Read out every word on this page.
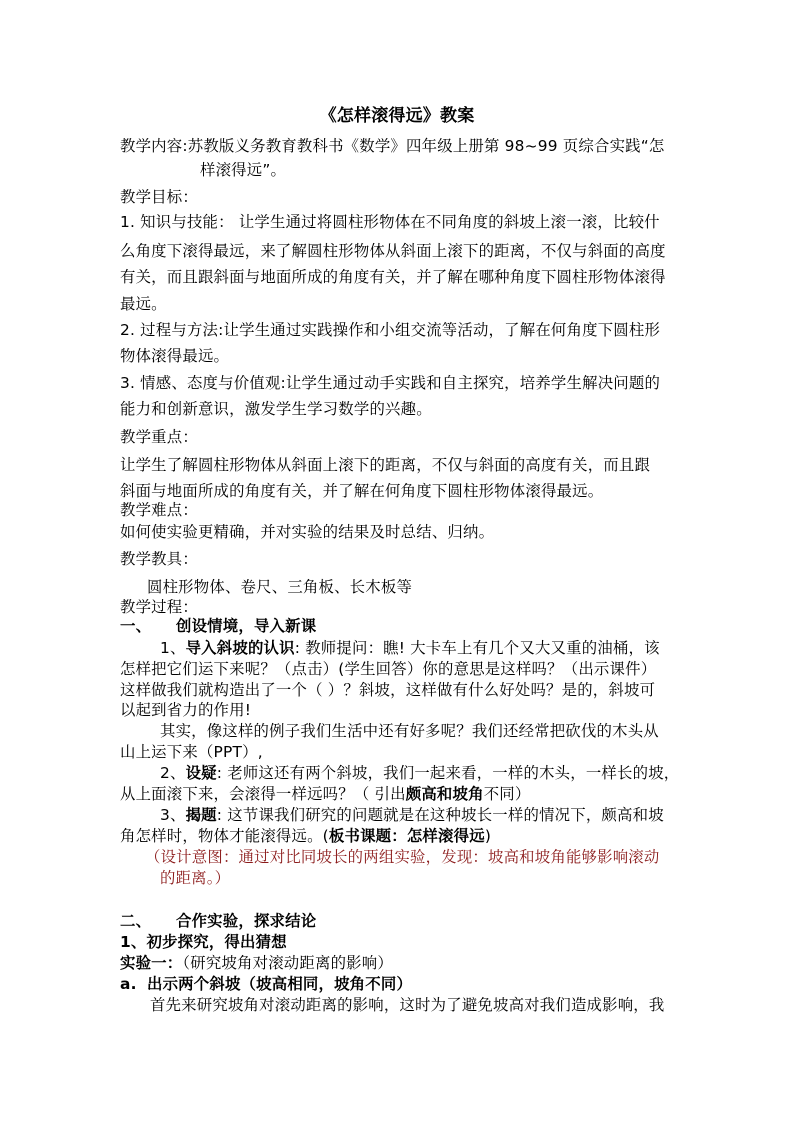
《怎样滚得远》教案
教学内容:苏教版义务教育教科书《数学》四年级上册第 98~99 页综合实践“怎
样滚得远”。
教学目标：
1. 知识与技能： 让学生通过将圆柱形物体在不同角度的斜坡上滚一滚，比较什
么角度下滚得最远，来了解圆柱形物体从斜面上滚下的距离，不仅与斜面的高度
有关，而且跟斜面与地面所成的角度有关，并了解在哪种角度下圆柱形物体滚得
最远。
2. 过程与方法:让学生通过实践操作和小组交流等活动，了解在何角度下圆柱形
物体滚得最远。
3. 情感、态度与价值观:让学生通过动手实践和自主探究，培养学生解决问题的
能力和创新意识，激发学生学习数学的兴趣。
教学重点：
让学生了解圆柱形物体从斜面上滚下的距离，不仅与斜面的高度有关，而且跟
斜面与地面所成的角度有关，并了解在何角度下圆柱形物体滚得最远。
教学难点：
如何使实验更精确，并对实验的结果及时总结、归纳。
教学教具：
圆柱形物体、卷尺、三角板、长木板等
教学过程：
一、 创设情境，导入新课
1、导入斜坡的认识: 教师提问：瞧! 大卡车上有几个又大又重的油桶，该
怎样把它们运下来呢？（点击）(学生回答）你的意思是这样吗？（出示课件）
这样做我们就构造出了一个（ ）？斜坡，这样做有什么好处吗？是的，斜坡可
以起到省力的作用!
其实，像这样的例子我们生活中还有好多呢？我们还经常把砍伐的木头从
山上运下来（PPT）,
2、设疑: 老师这还有两个斜坡，我们一起来看，一样的木头，一样长的坡，
从上面滚下来，会滚得一样远吗？（ 引出颇高和坡角不同）
3、揭题: 这节课我们研究的问题就是在这种坡长一样的情况下，颇高和坡
角怎样时，物体才能滚得远。(板书课题：怎样滚得远)
（设计意图：通过对比同坡长的两组实验，发现：坡高和坡角能够影响滚动
的距离。）
二、 合作实验，探求结论
1、初步探究，得出猜想
实验一：（研究坡角对滚动距离的影响）
a. 出示两个斜坡（坡高相同，坡角不同）
首先来研究坡角对滚动距离的影响，这时为了避免坡高对我们造成影响，我
